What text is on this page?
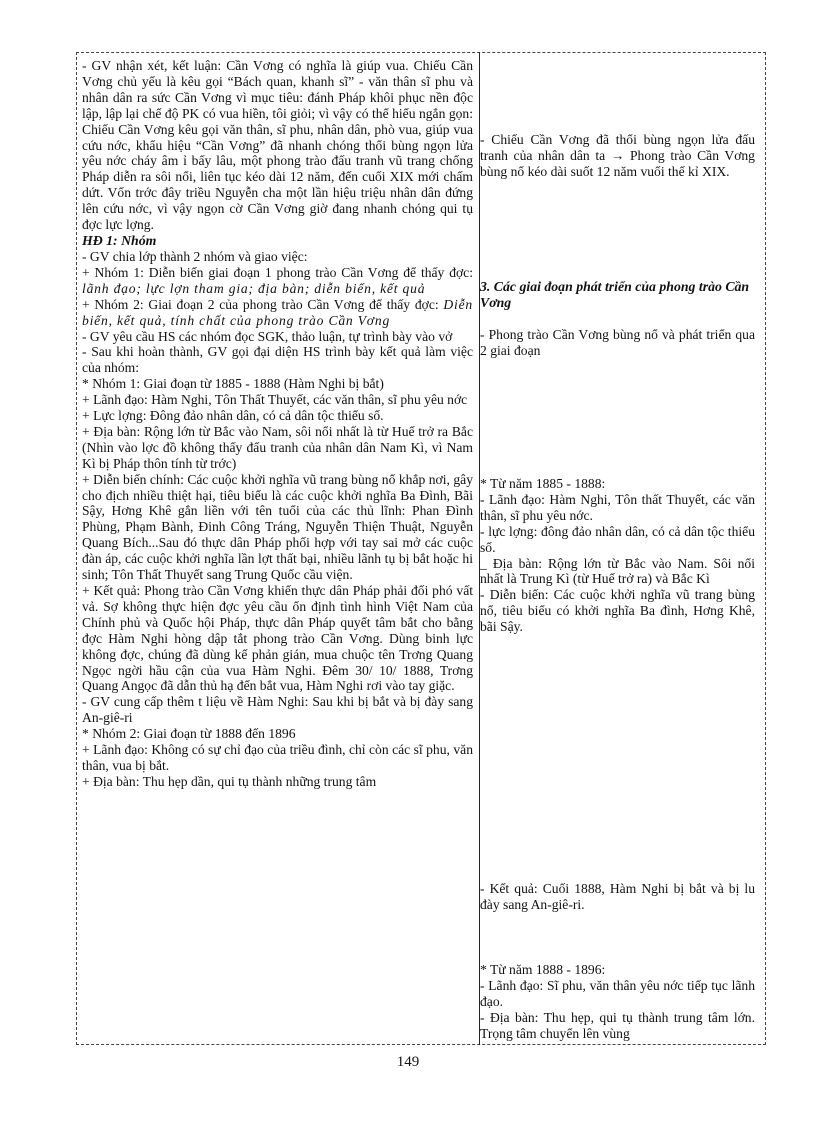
- GV nhận xét, kết luận: Cần Vơng có nghĩa là giúp vua. Chiếu Cần Vơng chủ yếu là kêu gọi “Bách quan, khanh sĩ” - văn thân sĩ phu và nhân dân ra sức Cần Vơng vì mục tiêu: đánh Pháp khôi phục nền độc lập, lập lại chế độ PK có vua hiền, tôi giỏi; vì vậy có thể hiểu ngắn gọn: Chiếu Cần Vơng kêu gọi văn thân, sĩ phu, nhân dân, phò vua, giúp vua cứu nớc, khẩu hiệu “Cần Vơng” đã nhanh chóng thổi bùng ngọn lửa yêu nớc cháy âm ỉ bấy lâu, một phong trào đấu tranh vũ trang chống Pháp diễn ra sôi nổi, liên tục kéo dài 12 năm, đến cuối XIX mới chấm dứt. Vốn trớc đây triều Nguyễn cha một lần hiệu triệu nhân dân đứng lên cứu nớc, vì vậy ngọn cờ Cần Vơng giờ đang nhanh chóng qui tụ đợc lực lợng.

HĐ 1: Nhóm

- GV chia lớp thành 2 nhóm và giao việc:

+ Nhóm 1: Diễn biến giai đoạn 1 phong trào Cần Vơng để thấy đợc: lãnh đạo; lực lợn tham gia; địa bàn; diễn biến, kết quả

+ Nhóm 2: Giai đoạn 2 của phong trào Cần Vơng để thấy đợc: Diễn biến, kết quả, tính chất của phong trào Cần Vơng

- GV yêu cầu HS các nhóm đọc SGK, thảo luận, tự trình bày vào vở

- Sau khi hoàn thành, GV gọi đại diện HS trình bày kết quả làm việc của nhóm:

* Nhóm 1: Giai đoạn từ 1885 - 1888 (Hàm Nghi bị bắt)

+ Lãnh đạo: Hàm Nghi, Tôn Thất Thuyết, các văn thân, sĩ phu yêu nớc

+ Lực lợng: Đông đảo nhân dân, có cả dân tộc thiểu số.

+ Địa bàn: Rộng lớn từ Bắc vào Nam, sôi nổi nhất là từ Huế trở ra Bắc (Nhìn vào lợc đồ không thấy đấu tranh của nhân dân Nam Kì, vì Nam Kì bị Pháp thôn tính từ trớc)

+ Diễn biến chính: Các cuộc khởi nghĩa vũ trang bùng nổ khắp nơi, gây cho địch nhiều thiệt hại, tiêu biểu là các cuộc khởi nghĩa Ba Đình, Bãi Sậy, Hơng Khê gắn liền với tên tuổi của các thủ lĩnh: Phan Đình Phùng, Phạm Bành, Đinh Công Tráng, Nguyễn Thiện Thuật, Nguyễn Quang Bích...Sau đó thực dân Pháp phối hợp với tay sai mở các cuộc đàn áp, các cuộc khởi nghĩa lần lợt thất bại, nhiều lãnh tụ bị bắt hoặc hi sinh; Tôn Thất Thuyết sang Trung Quốc cầu viện.

+ Kết quả: Phong trào Cần Vơng khiến thực dân Pháp phải đối phó vất vả. Sợ không thực hiện đợc yêu cầu ổn định tình hình Việt Nam của Chính phủ và Quốc hội Pháp, thực dân Pháp quyết tâm bắt cho bằng đợc Hàm Nghi hòng dập tắt phong trào Cần Vơng. Dùng binh lực không đợc, chúng đã dùng kế phản gián, mua chuộc tên Trơng Quang Ngọc ngời hầu cận của vua Hàm Nghi. Đêm 30/ 10/ 1888, Trơng Quang Angọc đã dẫn thủ hạ đến bắt vua, Hàm Nghi rơi vào tay giặc.

- GV cung cấp thêm t liệu về Hàm Nghi: Sau khi bị bắt và bị đày sang An-giê-ri

* Nhóm 2: Giai đoạn từ 1888 đến 1896

+ Lãnh đạo: Không có sự chỉ đạo của triều đình, chỉ còn các sĩ phu, văn thân, vua bị bắt.

+ Địa bàn: Thu hẹp dần, qui tụ thành những trung tâm

- Chiếu Cần Vơng đã thổi bùng ngọn lửa đấu tranh của nhân dân ta → Phong trào Cần Vơng bùng nổ kéo dài suốt 12 năm vuối thế kỉ XIX.

3. Các giai đoạn phát triển của phong trào Cần Vơng

- Phong trào Cần Vơng bùng nổ và phát triển qua 2 giai đoạn

* Từ năm 1885 - 1888:

- Lãnh đạo: Hàm Nghi, Tôn thất Thuyết, các văn thân, sĩ phu yêu nớc.

- lực lợng: đông đảo nhân dân, có cả dân tộc thiểu số.

_ Địa bàn: Rộng lớn từ Bắc vào Nam. Sôi nổi nhất là Trung Kì (từ Huế trở ra) và Bắc Kì

- Diễn biến: Các cuộc khởi nghĩa vũ trang bùng nổ, tiêu biểu có khởi nghĩa Ba đình, Hơng Khê, bãi Sậy.

- Kết quả: Cuối 1888, Hàm Nghi bị bắt và bị lu đày sang An-giê-ri.

* Từ năm 1888 - 1896:

- Lãnh đạo: Sĩ phu, văn thân yêu nớc tiếp tục lãnh đạo.

- Địa bàn: Thu hẹp, qui tụ thành trung tâm lớn. Trọng tâm chuyển lên vùng

149
